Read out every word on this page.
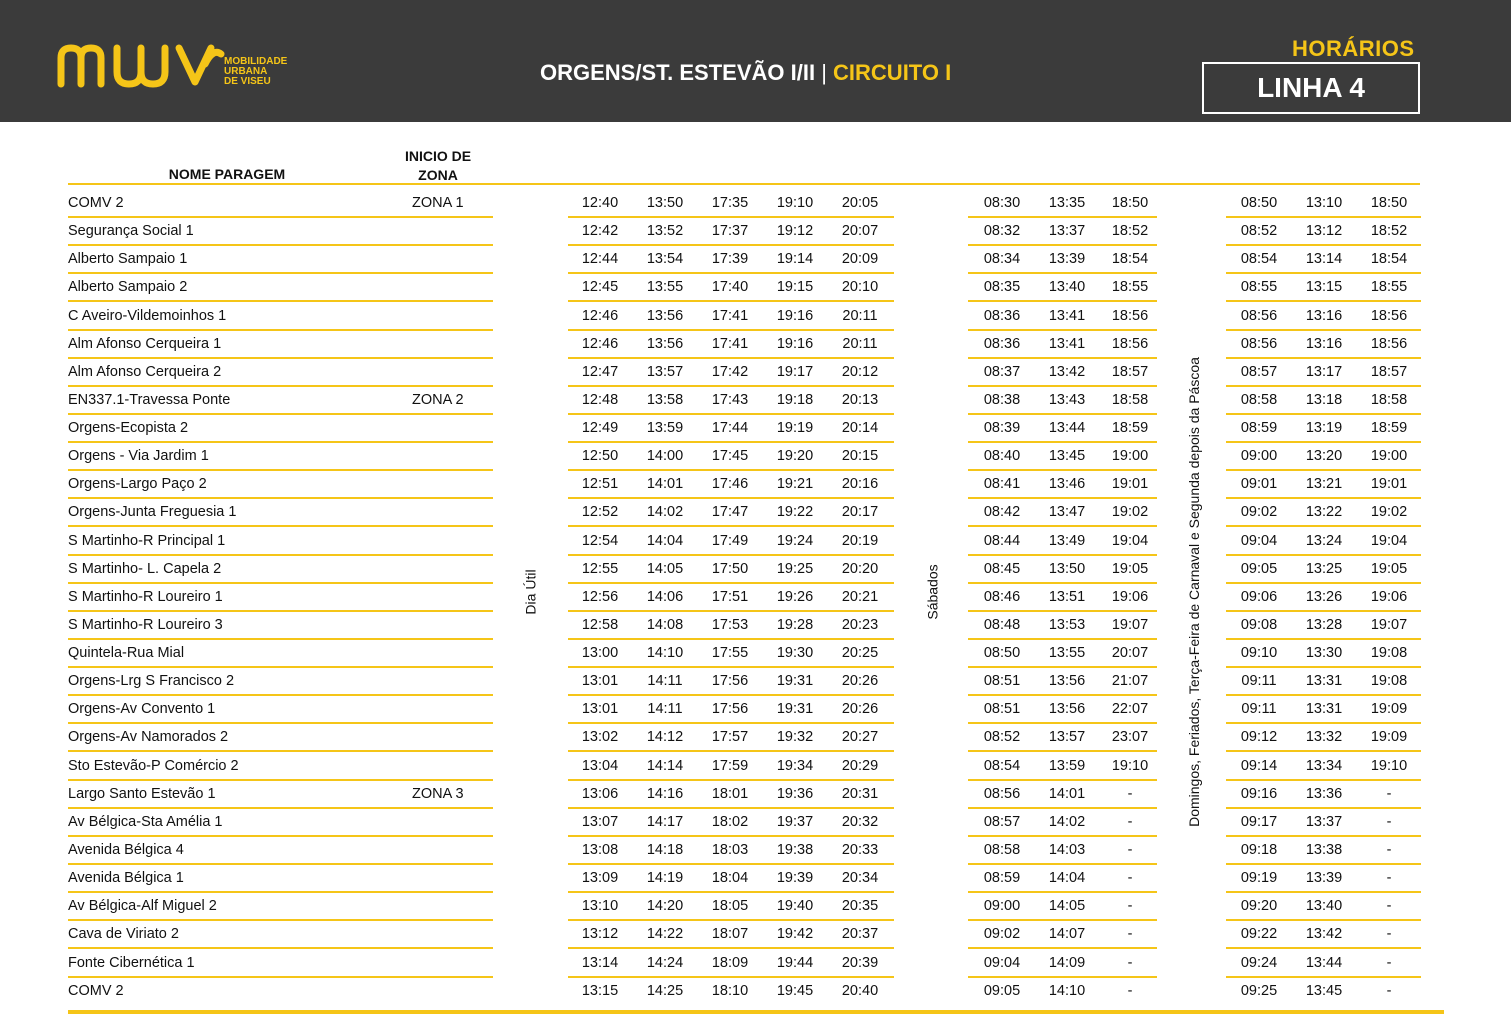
MOBILIDADE
URBANA
DE VISEU	ORGENS/ST. ESTEVÃO I/II | CIRCUITO I
HORÁRIOS
LINHA 4
NOME PARAGEM
INICIO DE
ZONA
COMV 2	ZONA 1	12:40	13:50	17:35	19:10	20:05	08:30	13:35	18:50	08:50	13:10	18:50
Segurança Social 1	12:42	13:52	17:37	19:12	20:07	08:32	13:37	18:52	08:52	13:12	18:52
Alberto Sampaio 1	12:44	13:54	17:39	19:14	20:09	08:34	13:39	18:54	08:54	13:14	18:54
Alberto Sampaio 2	12:45	13:55	17:40	19:15	20:10	08:35	13:40	18:55	08:55	13:15	18:55
C Aveiro-Vildemoinhos 1	12:46	13:56	17:41	19:16	20:11	08:36	13:41	18:56	08:56	13:16	18:56
Alm Afonso Cerqueira 1	12:46	13:56	17:41	19:16	20:11	08:36	13:41	18:56	08:56	13:16	18:56
Alm Afonso Cerqueira 2	12:47	13:57	17:42	19:17	20:12	08:37	13:42	18:57	08:57	13:17	18:57
EN337.1-Travessa Ponte	ZONA 2	12:48	13:58	17:43	19:18	20:13	08:38	13:43	18:58	08:58	13:18	18:58
Orgens-Ecopista 2	12:49	13:59	17:44	19:19	20:14	08:39	13:44	18:59	08:59	13:19	18:59
Orgens - Via Jardim 1	12:50	14:00	17:45	19:20	20:15	08:40	13:45	19:00	09:00	13:20	19:00
Orgens-Largo Paço 2	12:51	14:01	17:46	19:21	20:16	08:41	13:46	19:01	09:01	13:21	19:01
Orgens-Junta Freguesia 1	12:52	14:02	17:47	19:22	20:17	08:42	13:47	19:02	09:02	13:22	19:02
S Martinho-R Principal 1	12:54	14:04	17:49	19:24	20:19	08:44	13:49	19:04	09:04	13:24	19:04
S Martinho- L. Capela 2	12:55	14:05	17:50	19:25	20:20	08:45	13:50	19:05	09:05	13:25	19:05
S Martinho-R Loureiro 1	12:56	14:06	17:51	19:26	20:21	08:46	13:51	19:06	09:06	13:26	19:06
S Martinho-R Loureiro 3	12:58	14:08	17:53	19:28	20:23	08:48	13:53	19:07	09:08	13:28	19:07
Quintela-Rua Mial	13:00	14:10	17:55	19:30	20:25	08:50	13:55	20:07	09:10	13:30	19:08
Orgens-Lrg S Francisco 2	13:01	14:11	17:56	19:31	20:26	08:51	13:56	21:07	09:11	13:31	19:08
Orgens-Av Convento 1	13:01	14:11	17:56	19:31	20:26	08:51	13:56	22:07	09:11	13:31	19:09
Orgens-Av Namorados 2	13:02	14:12	17:57	19:32	20:27	08:52	13:57	23:07	09:12	13:32	19:09
Sto Estevão-P Comércio 2	13:04	14:14	17:59	19:34	20:29	08:54	13:59	19:10	09:14	13:34	19:10
Largo Santo Estevão 1	ZONA 3	13:06	14:16	18:01	19:36	20:31	08:56	14:01	-	09:16	13:36	-
Av Bélgica-Sta Amélia 1	13:07	14:17	18:02	19:37	20:32	08:57	14:02	-	09:17	13:37	-
Avenida Bélgica 4	13:08	14:18	18:03	19:38	20:33	08:58	14:03	-	09:18	13:38	-
Avenida Bélgica 1	13:09	14:19	18:04	19:39	20:34	08:59	14:04	-	09:19	13:39	-
Av Bélgica-Alf Miguel 2	13:10	14:20	18:05	19:40	20:35	09:00	14:05	-	09:20	13:40	-
Cava de Viriato 2	13:12	14:22	18:07	19:42	20:37	09:02	14:07	-	09:22	13:42	-
Fonte Cibernética 1	13:14	14:24	18:09	19:44	20:39	09:04	14:09	-	09:24	13:44	-
COMV 2	13:15	14:25	18:10	19:45	20:40	09:05	14:10	-	09:25	13:45	-
Dia Útil	Sábados	Domingos, Feriados, Terça-Feira de Carnaval e Segunda depois da Páscoa
